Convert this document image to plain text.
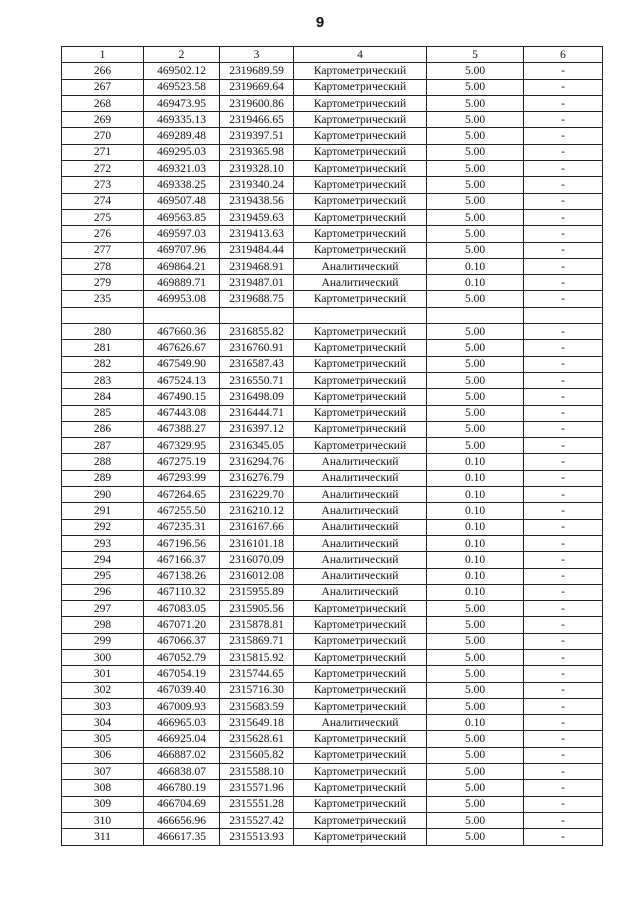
9
1	2	3	4	5	6
266	469502.12	2319689.59	Картометрический	5.00	-
267	469523.58	2319669.64	Картометрический	5.00	-
268	469473.95	2319600.86	Картометрический	5.00	-
269	469335.13	2319466.65	Картометрический	5.00	-
270	469289.48	2319397.51	Картометрический	5.00	-
271	469295.03	2319365.98	Картометрический	5.00	-
272	469321.03	2319328.10	Картометрический	5.00	-
273	469338.25	2319340.24	Картометрический	5.00	-
274	469507.48	2319438.56	Картометрический	5.00	-
275	469563.85	2319459.63	Картометрический	5.00	-
276	469597.03	2319413.63	Картометрический	5.00	-
277	469707.96	2319484.44	Картометрический	5.00	-
278	469864.21	2319468.91	Аналитический	0.10	-
279	469889.71	2319487.01	Аналитический	0.10	-
235	469953.08	2319688.75	Картометрический	5.00	-

280	467660.36	2316855.82	Картометрический	5.00	-
281	467626.67	2316760.91	Картометрический	5.00	-
282	467549.90	2316587.43	Картометрический	5.00	-
283	467524.13	2316550.71	Картометрический	5.00	-
284	467490.15	2316498.09	Картометрический	5.00	-
285	467443.08	2316444.71	Картометрический	5.00	-
286	467388.27	2316397.12	Картометрический	5.00	-
287	467329.95	2316345.05	Картометрический	5.00	-
288	467275.19	2316294.76	Аналитический	0.10	-
289	467293.99	2316276.79	Аналитический	0.10	-
290	467264.65	2316229.70	Аналитический	0.10	-
291	467255.50	2316210.12	Аналитический	0.10	-
292	467235.31	2316167.66	Аналитический	0.10	-
293	467196.56	2316101.18	Аналитический	0.10	-
294	467166.37	2316070.09	Аналитический	0.10	-
295	467138.26	2316012.08	Аналитический	0.10	-
296	467110.32	2315955.89	Аналитический	0.10	-
297	467083.05	2315905.56	Картометрический	5.00	-
298	467071.20	2315878.81	Картометрический	5.00	-
299	467066.37	2315869.71	Картометрический	5.00	-
300	467052.79	2315815.92	Картометрический	5.00	-
301	467054.19	2315744.65	Картометрический	5.00	-
302	467039.40	2315716.30	Картометрический	5.00	-
303	467009.93	2315683.59	Картометрический	5.00	-
304	466965.03	2315649.18	Аналитический	0.10	-
305	466925.04	2315628.61	Картометрический	5.00	-
306	466887.02	2315605.82	Картометрический	5.00	-
307	466838.07	2315588.10	Картометрический	5.00	-
308	466780.19	2315571.96	Картометрический	5.00	-
309	466704.69	2315551.28	Картометрический	5.00	-
310	466656.96	2315527.42	Картометрический	5.00	-
311	466617.35	2315513.93	Картометрический	5.00	-
